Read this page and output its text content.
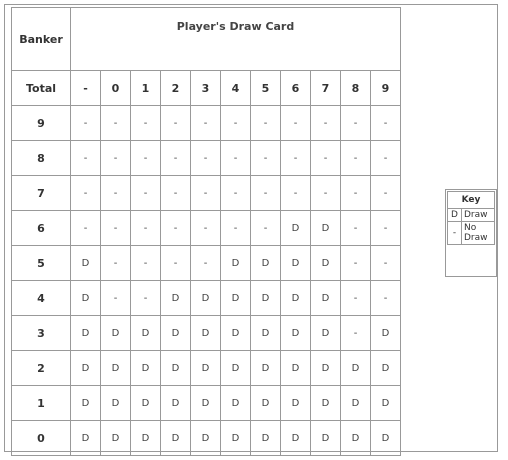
Banker	Player's Draw Card										
Total	-	0	1	2	3	4	5	6	7	8	9
9	-	-	-	-	-	-	-	-	-	-	-
8	-	-	-	-	-	-	-	-	-	-	-
7	-	-	-	-	-	-	-	-	-	-	-
6	-	-	-	-	-	-	-	D	D	-	-
5	D	-	-	-	-	D	D	D	D	-	-
4	D	-	-	D	D	D	D	D	D	-	-
3	D	D	D	D	D	D	D	D	D	-	D
2	D	D	D	D	D	D	D	D	D	D	D
1	D	D	D	D	D	D	D	D	D	D	D
0	D	D	D	D	D	D	D	D	D	D	D
Key	
D	Draw
-	No Draw
